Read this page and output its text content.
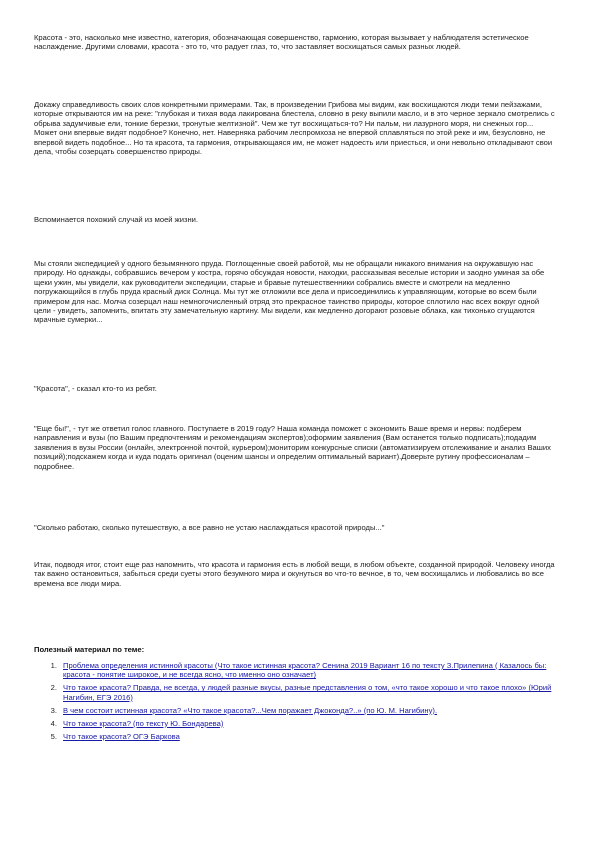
Красота - это, насколько мне известно, категория, обозначающая совершенство, гармонию, которая вызывает у наблюдателя эстетическое наслаждение. Другими словами, красота - это то, что радует глаз, то, что заставляет восхищаться самых разных людей.

Докажу справедливость своих слов конкретными примерами. Так, в произведении Грибова мы видим, как восхищаются люди теми пейзажами, которые открываются им на реке: "глубокая и тихая вода лакирована блестела, словно в реку выпили масло, и в это черное зеркало смотрелись с обрыва задумчивые ели, тонкие березки, тронутые желтизной". Чем же тут восхищаться-то? Ни пальм, ни лазурного моря, ни снежных гор... Может они впервые видят подобное? Конечно, нет. Наверняка рабочим леспромхоза не впервой сплавляться по этой реке и им, безусловно, не впервой видеть подобное... Но та красота, та гармония, открывающаяся им, не может надоесть или приесться, и они невольно откладывают свои дела, чтобы созерцать совершенство природы.

Вспоминается похожий случай из моей жизни.

Мы стояли экспедицией у одного безымянного пруда. Поглощенные своей работой, мы не обращали никакого внимания на окружавшую нас природу. Но однажды, собравшись вечером у костра, горячо обсуждая новости, находки, рассказывая веселые истории и заодно уминая за обе щеки ужин, мы увидели, как руководители экспедиции, старые и бравые путешественники собрались вместе и смотрели на медленно погружающийся в глубь пруда красный диск Солнца. Мы тут же отложили все дела и присоединились к управляющим, которые во всем были примером для нас. Молча созерцал наш немногочисленный отряд это прекрасное таинство природы, которое сплотило нас всех вокруг одной цели - увидеть, запомнить, впитать эту замечательную картину. Мы видели, как медленно догорают розовые облака, как тихонько сгущаются мрачные сумерки...

"Красота", - сказал кто-то из ребят.

"Еще бы!", - тут же ответил голос главного. Поступаете в 2019 году? Наша команда поможет с экономить Ваше время и нервы: подберем направления и вузы (по Вашим предпочтениям и рекомендациям экспертов);оформим заявления (Вам останется только подписать);подадим заявления в вузы России (онлайн, электронной почтой, курьером);мониторим конкурсные списки (автоматизируем отслеживание и анализ Ваших позиций);подскажем когда и куда подать оригинал (оценим шансы и определим оптимальный вариант).Доверьте рутину профессионалам – подробнее.

"Сколько работаю, сколько путешествую, а все равно не устаю наслаждаться красотой природы..."

Итак, подводя итог, стоит еще раз напомнить, что красота и гармония есть в любой вещи, в любом объекте, созданной природой. Человеку иногда так важно остановиться, забыться среди суеты этого безумного мира и окунуться во что-то вечное, в то, чем восхищались и любовались во все времена все люди мира.

Полезный материал по теме:

1. Проблема определения истинной красоты (Что такое истинная красота? Сенина 2019 Вариант 16 по тексту З.Прилепина ( Казалось бы: красота - понятие широкое, и не всегда ясно, что именно оно означает)
2. Что такое красота? Правда, не всегда, у людей разные вкусы, разные представления о том, «что такое хорошо и что такое плохо» (Юрий Нагибин, ЕГЭ 2016)
3. В чем состоит истинная красота? «Что такое красота?...Чем поражает Джоконда?..» (по Ю. М. Нагибину).
4. Что такое красота? (по тексту Ю. Бондарева)
5. Что такое красота? ОГЭ Баркова
